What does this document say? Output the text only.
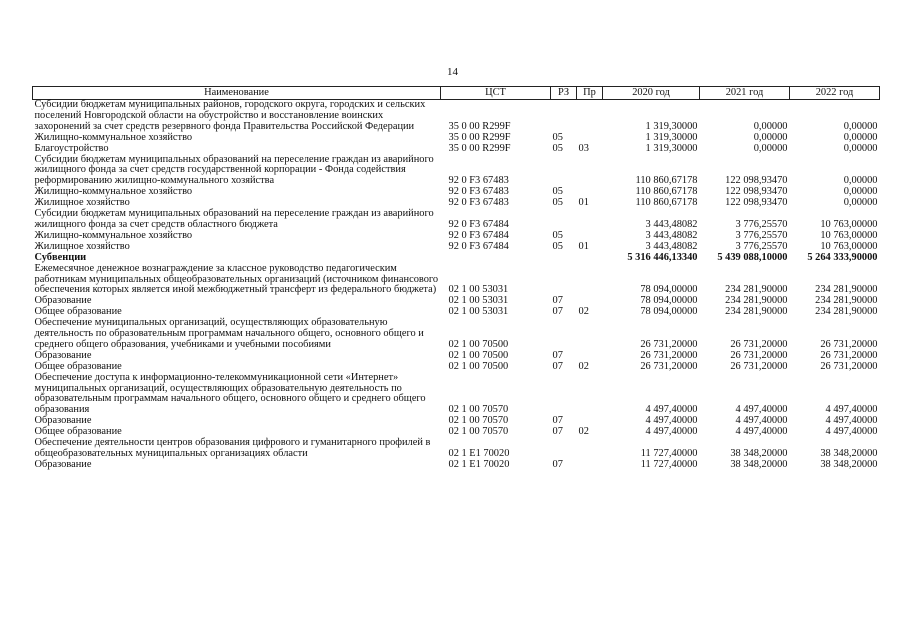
14
Наименование	ЦСТ	РЗ	Пр	2020 год	2021 год	2022 год
Субсидии бюджетам муниципальных районов, городского округа, городских и сельских поселений Новгородской области на обустройство и восстановление воинских захоронений за счет средств резервного фонда Правительства Российской Федерации	35 0 00 R299F			1 319,30000	0,00000	0,00000
Жилищно-коммунальное хозяйство	35 0 00 R299F	05		1 319,30000	0,00000	0,00000
Благоустройство	35 0 00 R299F	05	03	1 319,30000	0,00000	0,00000
Субсидии бюджетам муниципальных образований на переселение граждан из аварийного жилищного фонда за счет средств государственной корпорации - Фонда содействия реформированию жилищно-коммунального хозяйства	92 0 F3 67483			110 860,67178	122 098,93470	0,00000
Жилищно-коммунальное хозяйство	92 0 F3 67483	05		110 860,67178	122 098,93470	0,00000
Жилищное хозяйство	92 0 F3 67483	05	01	110 860,67178	122 098,93470	0,00000
Субсидии бюджетам муниципальных образований на переселение граждан из аварийного жилищного фонда за счет средств областного бюджета	92 0 F3 67484			3 443,48082	3 776,25570	10 763,00000
Жилищно-коммунальное хозяйство	92 0 F3 67484	05		3 443,48082	3 776,25570	10 763,00000
Жилищное хозяйство	92 0 F3 67484	05	01	3 443,48082	3 776,25570	10 763,00000
Субвенции				5 316 446,13340	5 439 088,10000	5 264 333,90000
Ежемесячное денежное вознаграждение за классное руководство педагогическим работникам муниципальных общеобразовательных организаций (источником финансового обеспечения которых является иной межбюджетный трансферт из федерального бюджета)	02 1 00 53031			78 094,00000	234 281,90000	234 281,90000
Образование	02 1 00 53031	07		78 094,00000	234 281,90000	234 281,90000
Общее образование	02 1 00 53031	07	02	78 094,00000	234 281,90000	234 281,90000
Обеспечение муниципальных организаций, осуществляющих образовательную деятельность по образовательным программам начального общего, основного общего и среднего общего образования, учебниками и учебными пособиями	02 1 00 70500			26 731,20000	26 731,20000	26 731,20000
Образование	02 1 00 70500	07		26 731,20000	26 731,20000	26 731,20000
Общее образование	02 1 00 70500	07	02	26 731,20000	26 731,20000	26 731,20000
Обеспечение доступа к информационно-телекоммуникационной сети «Интернет» муниципальных организаций, осуществляющих образовательную деятельность по образовательным программам начального общего, основного общего и среднего общего образования	02 1 00 70570			4 497,40000	4 497,40000	4 497,40000
Образование	02 1 00 70570	07		4 497,40000	4 497,40000	4 497,40000
Общее образование	02 1 00 70570	07	02	4 497,40000	4 497,40000	4 497,40000
Обеспечение деятельности центров образования цифрового и гуманитарного профилей в общеобразовательных муниципальных организациях области	02 1 E1 70020			11 727,40000	38 348,20000	38 348,20000
Образование	02 1 E1 70020	07		11 727,40000	38 348,20000	38 348,20000
